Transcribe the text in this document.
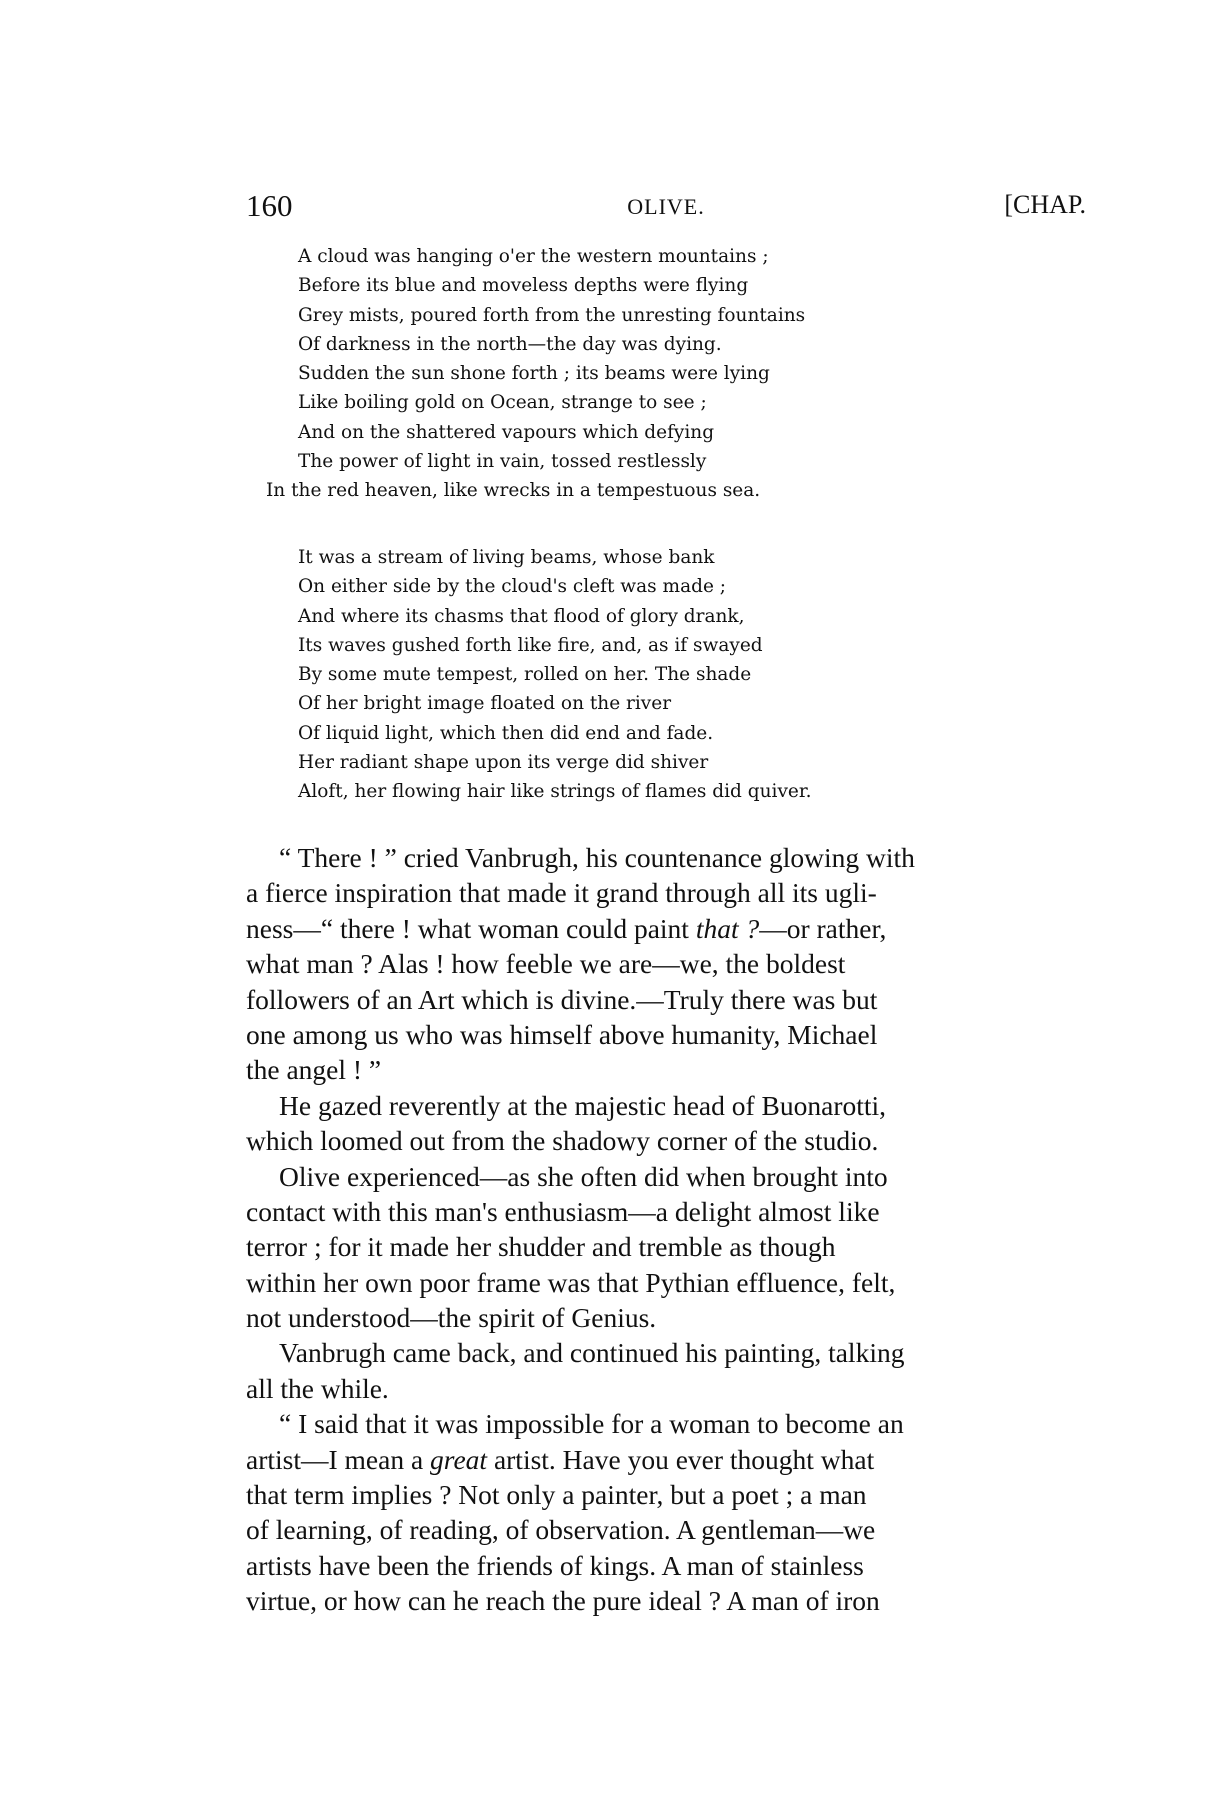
160	OLIVE.	[CHAP.
A cloud was hanging o'er the western mountains ;
Before its blue and moveless depths were flying
Grey mists, poured forth from the unresting fountains
Of darkness in the north—the day was dying.
Sudden the sun shone forth ; its beams were lying
Like boiling gold on Ocean, strange to see ;
And on the shattered vapours which defying
The power of light in vain, tossed restlessly
In the red heaven, like wrecks in a tempestuous sea.
It was a stream of living beams, whose bank
On either side by the cloud's cleft was made ;
And where its chasms that flood of glory drank,
Its waves gushed forth like fire, and, as if swayed
By some mute tempest, rolled on her. The shade
Of her bright image floated on the river
Of liquid light, which then did end and fade.
Her radiant shape upon its verge did shiver
Aloft, her flowing hair like strings of flames did quiver.
“ There ! ” cried Vanbrugh, his countenance glowing with
a fierce inspiration that made it grand through all its ugli-
ness—“ there ! what woman could paint that ?—or rather,
what man ? Alas ! how feeble we are—we, the boldest
followers of an Art which is divine.—Truly there was but
one among us who was himself above humanity, Michael
the angel ! ”
He gazed reverently at the majestic head of Buonarotti,
which loomed out from the shadowy corner of the studio.
Olive experienced—as she often did when brought into
contact with this man's enthusiasm—a delight almost like
terror ; for it made her shudder and tremble as though
within her own poor frame was that Pythian effluence, felt,
not understood—the spirit of Genius.
Vanbrugh came back, and continued his painting, talking
all the while.
“ I said that it was impossible for a woman to become an
artist—I mean a great artist. Have you ever thought what
that term implies ? Not only a painter, but a poet ; a man
of learning, of reading, of observation. A gentleman—we
artists have been the friends of kings. A man of stainless
virtue, or how can he reach the pure ideal ? A man of iron
